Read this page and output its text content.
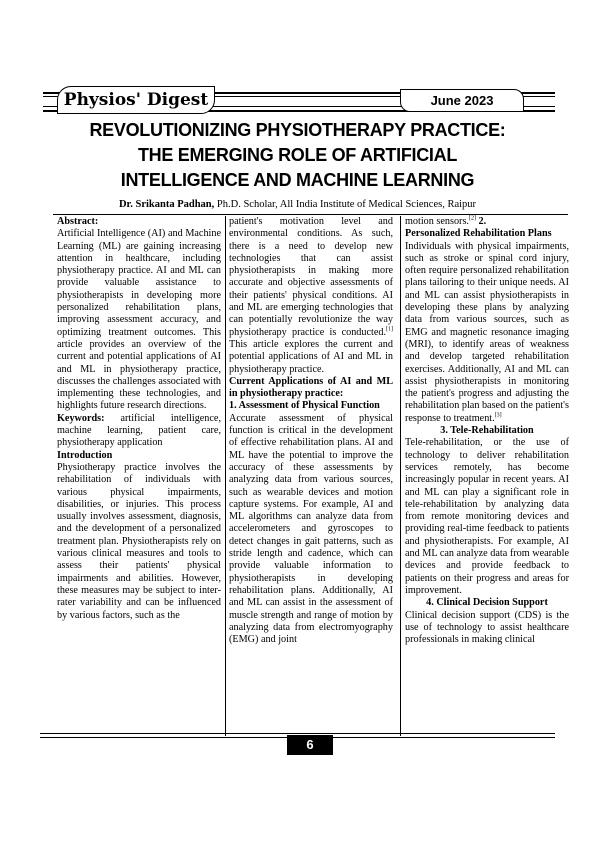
Physios' Digest	June 2023
REVOLUTIONIZING PHYSIOTHERAPY PRACTICE:
THE EMERGING ROLE OF ARTIFICIAL
INTELLIGENCE AND MACHINE LEARNING
Dr. Srikanta Padhan, Ph.D. Scholar, All India Institute of Medical Sciences, Raipur

Abstract:

Artificial Intelligence (AI) and Machine Learning (ML) are gaining increasing attention in healthcare, including physiotherapy practice. AI and ML can provide valuable assistance to physiotherapists in developing more personalized rehabilitation plans, improving assessment accuracy, and optimizing treatment outcomes. This article provides an overview of the current and potential applications of AI and ML in physiotherapy practice, discusses the challenges associated with implementing these technologies, and highlights future research directions.

Keywords: artificial intelligence, machine learning, patient care, physiotherapy application

Introduction

Physiotherapy practice involves the rehabilitation of individuals with various physical impairments, disabilities, or injuries. This process usually involves assessment, diagnosis, and the development of a personalized treatment plan. Physiotherapists rely on various clinical measures and tools to assess their patients' physical impairments and abilities. However, these measures may be subject to inter-rater variability and can be influenced by various factors, such as the

patient's motivation level and environmental conditions. As such, there is a need to develop new technologies that can assist physiotherapists in making more accurate and objective assessments of their patients' physical conditions. AI and ML are emerging technologies that can potentially revolutionize the way physiotherapy practice is conducted.[1] This article explores the current and potential applications of AI and ML in physiotherapy practice.

Current Applications of AI and ML in physiotherapy practice:

1. Assessment of Physical Function

Accurate assessment of physical function is critical in the development of effective rehabilitation plans. AI and ML have the potential to improve the accuracy of these assessments by analyzing data from various sources, such as wearable devices and motion capture systems. For example, AI and ML algorithms can analyze data from accelerometers and gyroscopes to detect changes in gait patterns, such as stride length and cadence, which can provide valuable information to physiotherapists in developing rehabilitation plans. Additionally, AI and ML can assist in the assessment of muscle strength and range of motion by analyzing data from electromyography (EMG) and joint

motion sensors.[2] 2.

Personalized Rehabilitation Plans

Individuals with physical impairments, such as stroke or spinal cord injury, often require personalized rehabilitation plans tailoring to their unique needs. AI and ML can assist physiotherapists in developing these plans by analyzing data from various sources, such as EMG and magnetic resonance imaging (MRI), to identify areas of weakness and develop targeted rehabilitation exercises. Additionally, AI and ML can assist physiotherapists in monitoring the patient's progress and adjusting the rehabilitation plan based on the patient's response to treatment.[3]

3. Tele-Rehabilitation

Tele-rehabilitation, or the use of technology to deliver rehabilitation services remotely, has become increasingly popular in recent years. AI and ML can play a significant role in tele-rehabilitation by analyzing data from remote monitoring devices and providing real-time feedback to patients and physiotherapists. For example, AI and ML can analyze data from wearable devices and provide feedback to patients on their progress and areas for improvement.

4. Clinical Decision Support

Clinical decision support (CDS) is the use of technology to assist healthcare professionals in making clinical

6
